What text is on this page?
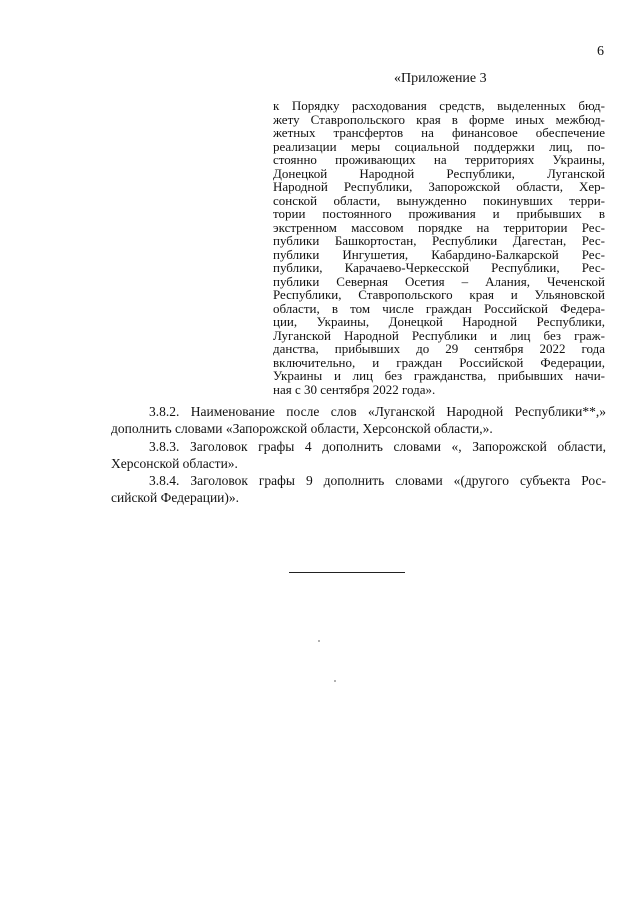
6
«Приложение 3
к Порядку расходования средств, выделенных бюд-
жету Ставропольского края в форме иных межбюд-
жетных трансфертов на финансовое обеспечение
реализации меры социальной поддержки лиц, по-
стоянно проживающих на территориях Украины,
Донецкой Народной Республики, Луганской
Народной Республики, Запорожской области, Хер-
сонской области, вынужденно покинувших терри-
тории постоянного проживания и прибывших в
экстренном массовом порядке на территории Рес-
публики Башкортостан, Республики Дагестан, Рес-
публики Ингушетия, Кабардино-Балкарской Рес-
публики, Карачаево-Черкесской Республики, Рес-
публики Северная Осетия – Алания, Чеченской
Республики, Ставропольского края и Ульяновской
области, в том числе граждан Российской Федера-
ции, Украины, Донецкой Народной Республики,
Луганской Народной Республики и лиц без граж-
данства, прибывших до 29 сентября 2022 года
включительно, и граждан Российской Федерации,
Украины и лиц без гражданства, прибывших начи-
ная с 30 сентября 2022 года».
3.8.2. Наименование после слов «Луганской Народной Республики**,»
дополнить словами «Запорожской области, Херсонской области,».
3.8.3. Заголовок графы 4 дополнить словами «, Запорожской области,
Херсонской области».
3.8.4. Заголовок графы 9 дополнить словами «(другого субъекта Рос-
сийской Федерации)».
